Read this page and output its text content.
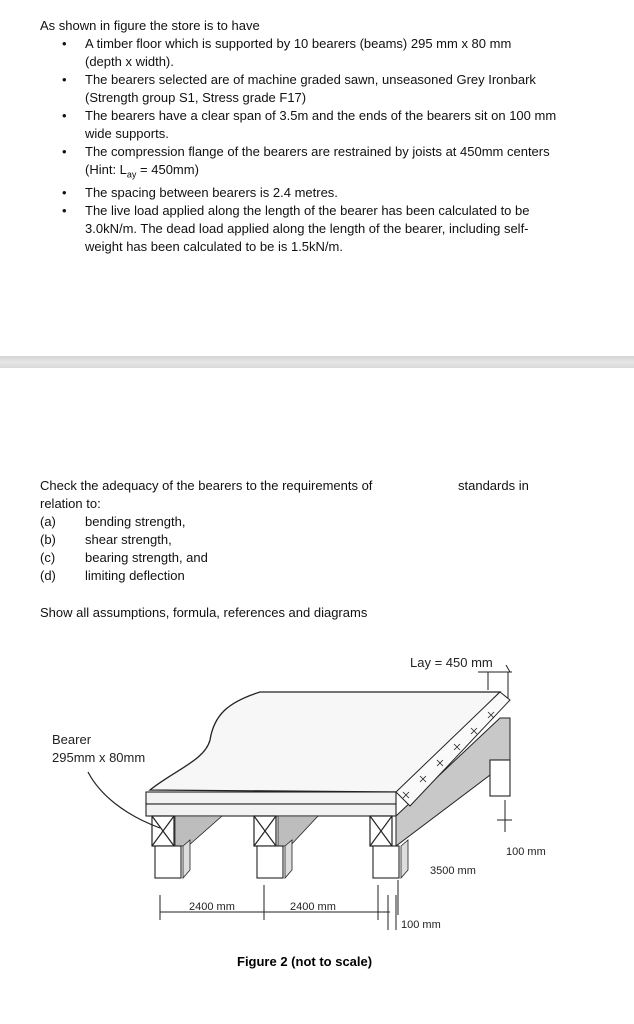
As shown in figure the store is to have
• A timber floor which is supported by 10 bearers (beams) 295 mm x 80 mm
(depth x width).
• The bearers selected are of machine graded sawn, unseasoned Grey Ironbark
(Strength group S1, Stress grade F17)
• The bearers have a clear span of 3.5m and the ends of the bearers sit on 100 mm
wide supports.
• The compression flange of the bearers are restrained by joists at 450mm centers
(Hint: $L_{ay} = 450mm$)
• The spacing between bearers is 2.4 metres.
• The live load applied along the length of the bearer has been calculated to be
3.0kN/m. The dead load applied along the length of the bearer, including self-
weight has been calculated to be is 1.5kN/m.
Check the adequacy of the bearers to the requirements of	standards in
relation to:
(a) bending strength,
(b) shear strength,
(c) bearing strength, and
(d) limiting deflection
Show all assumptions, formula, references and diagrams
Lay = 450 mm
Bearer
295mm x 80mm
100 mm
3500 mm
2400 mm	2400 mm
100 mm
Figure 2 (not to scale)
